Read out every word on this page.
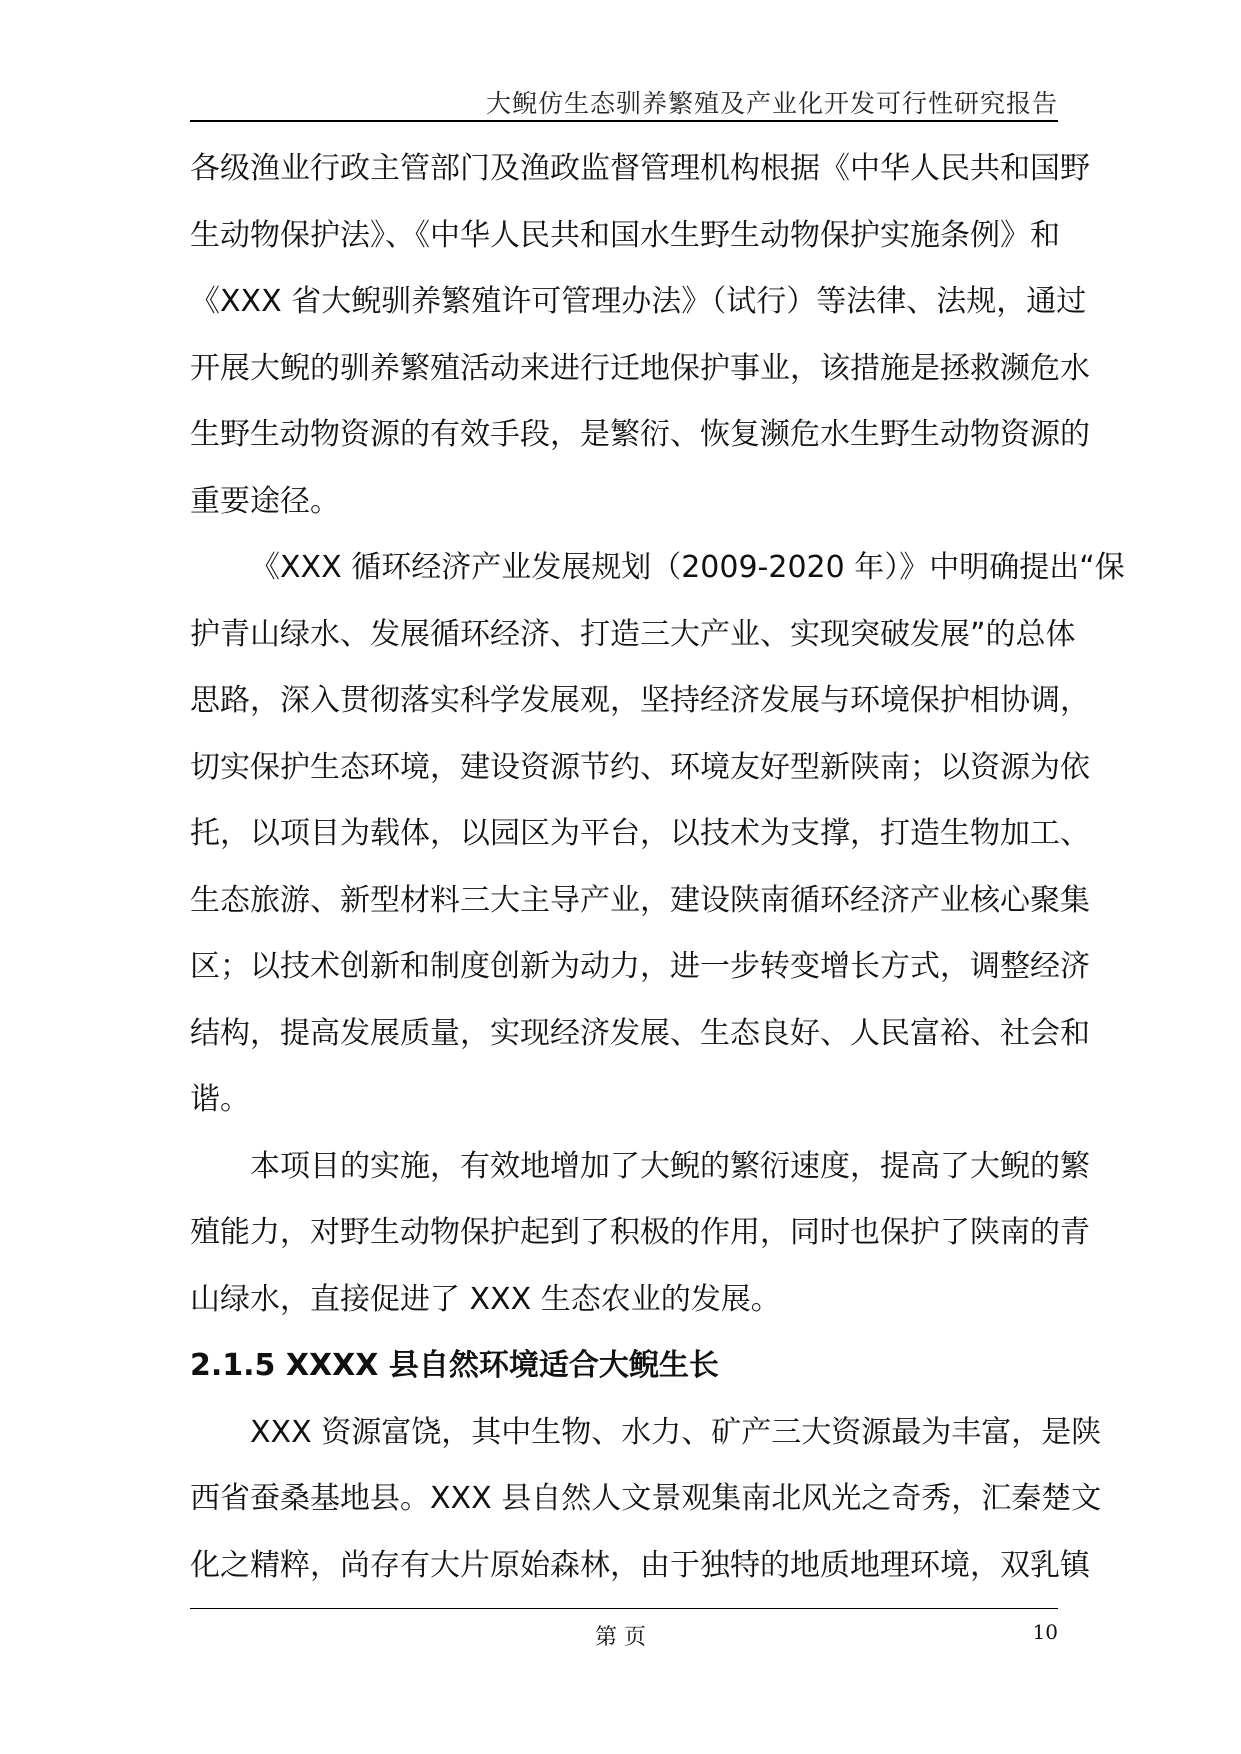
大鲵仿生态驯养繁殖及产业化开发可行性研究报告
各级渔业行政主管部门及渔政监督管理机构根据《中华人民共和国野
生动物保护法》、《中华人民共和国水生野生动物保护实施条例》和
《XXX 省大鲵驯养繁殖许可管理办法》（试行）等法律、法规，通过
开展大鲵的驯养繁殖活动来进行迁地保护事业，该措施是拯救濒危水
生野生动物资源的有效手段，是繁衍、恢复濒危水生野生动物资源的
重要途径。
《XXX 循环经济产业发展规划（2009-2020 年）》中明确提出“保
护青山绿水、发展循环经济、打造三大产业、实现突破发展”的总体
思路，深入贯彻落实科学发展观，坚持经济发展与环境保护相协调，
切实保护生态环境，建设资源节约、环境友好型新陕南；以资源为依
托，以项目为载体，以园区为平台，以技术为支撑，打造生物加工、
生态旅游、新型材料三大主导产业，建设陕南循环经济产业核心聚集
区；以技术创新和制度创新为动力，进一步转变增长方式，调整经济
结构，提高发展质量，实现经济发展、生态良好、人民富裕、社会和
谐。
本项目的实施，有效地增加了大鲵的繁衍速度，提高了大鲵的繁
殖能力，对野生动物保护起到了积极的作用，同时也保护了陕南的青
山绿水，直接促进了 XXX 生态农业的发展。
2.1.5 XXXX 县自然环境适合大鲵生长
XXX 资源富饶，其中生物、水力、矿产三大资源最为丰富，是陕
西省蚕桑基地县。XXX 县自然人文景观集南北风光之奇秀，汇秦楚文
化之精粹，尚存有大片原始森林，由于独特的地质地理环境，双乳镇
第 页	10
